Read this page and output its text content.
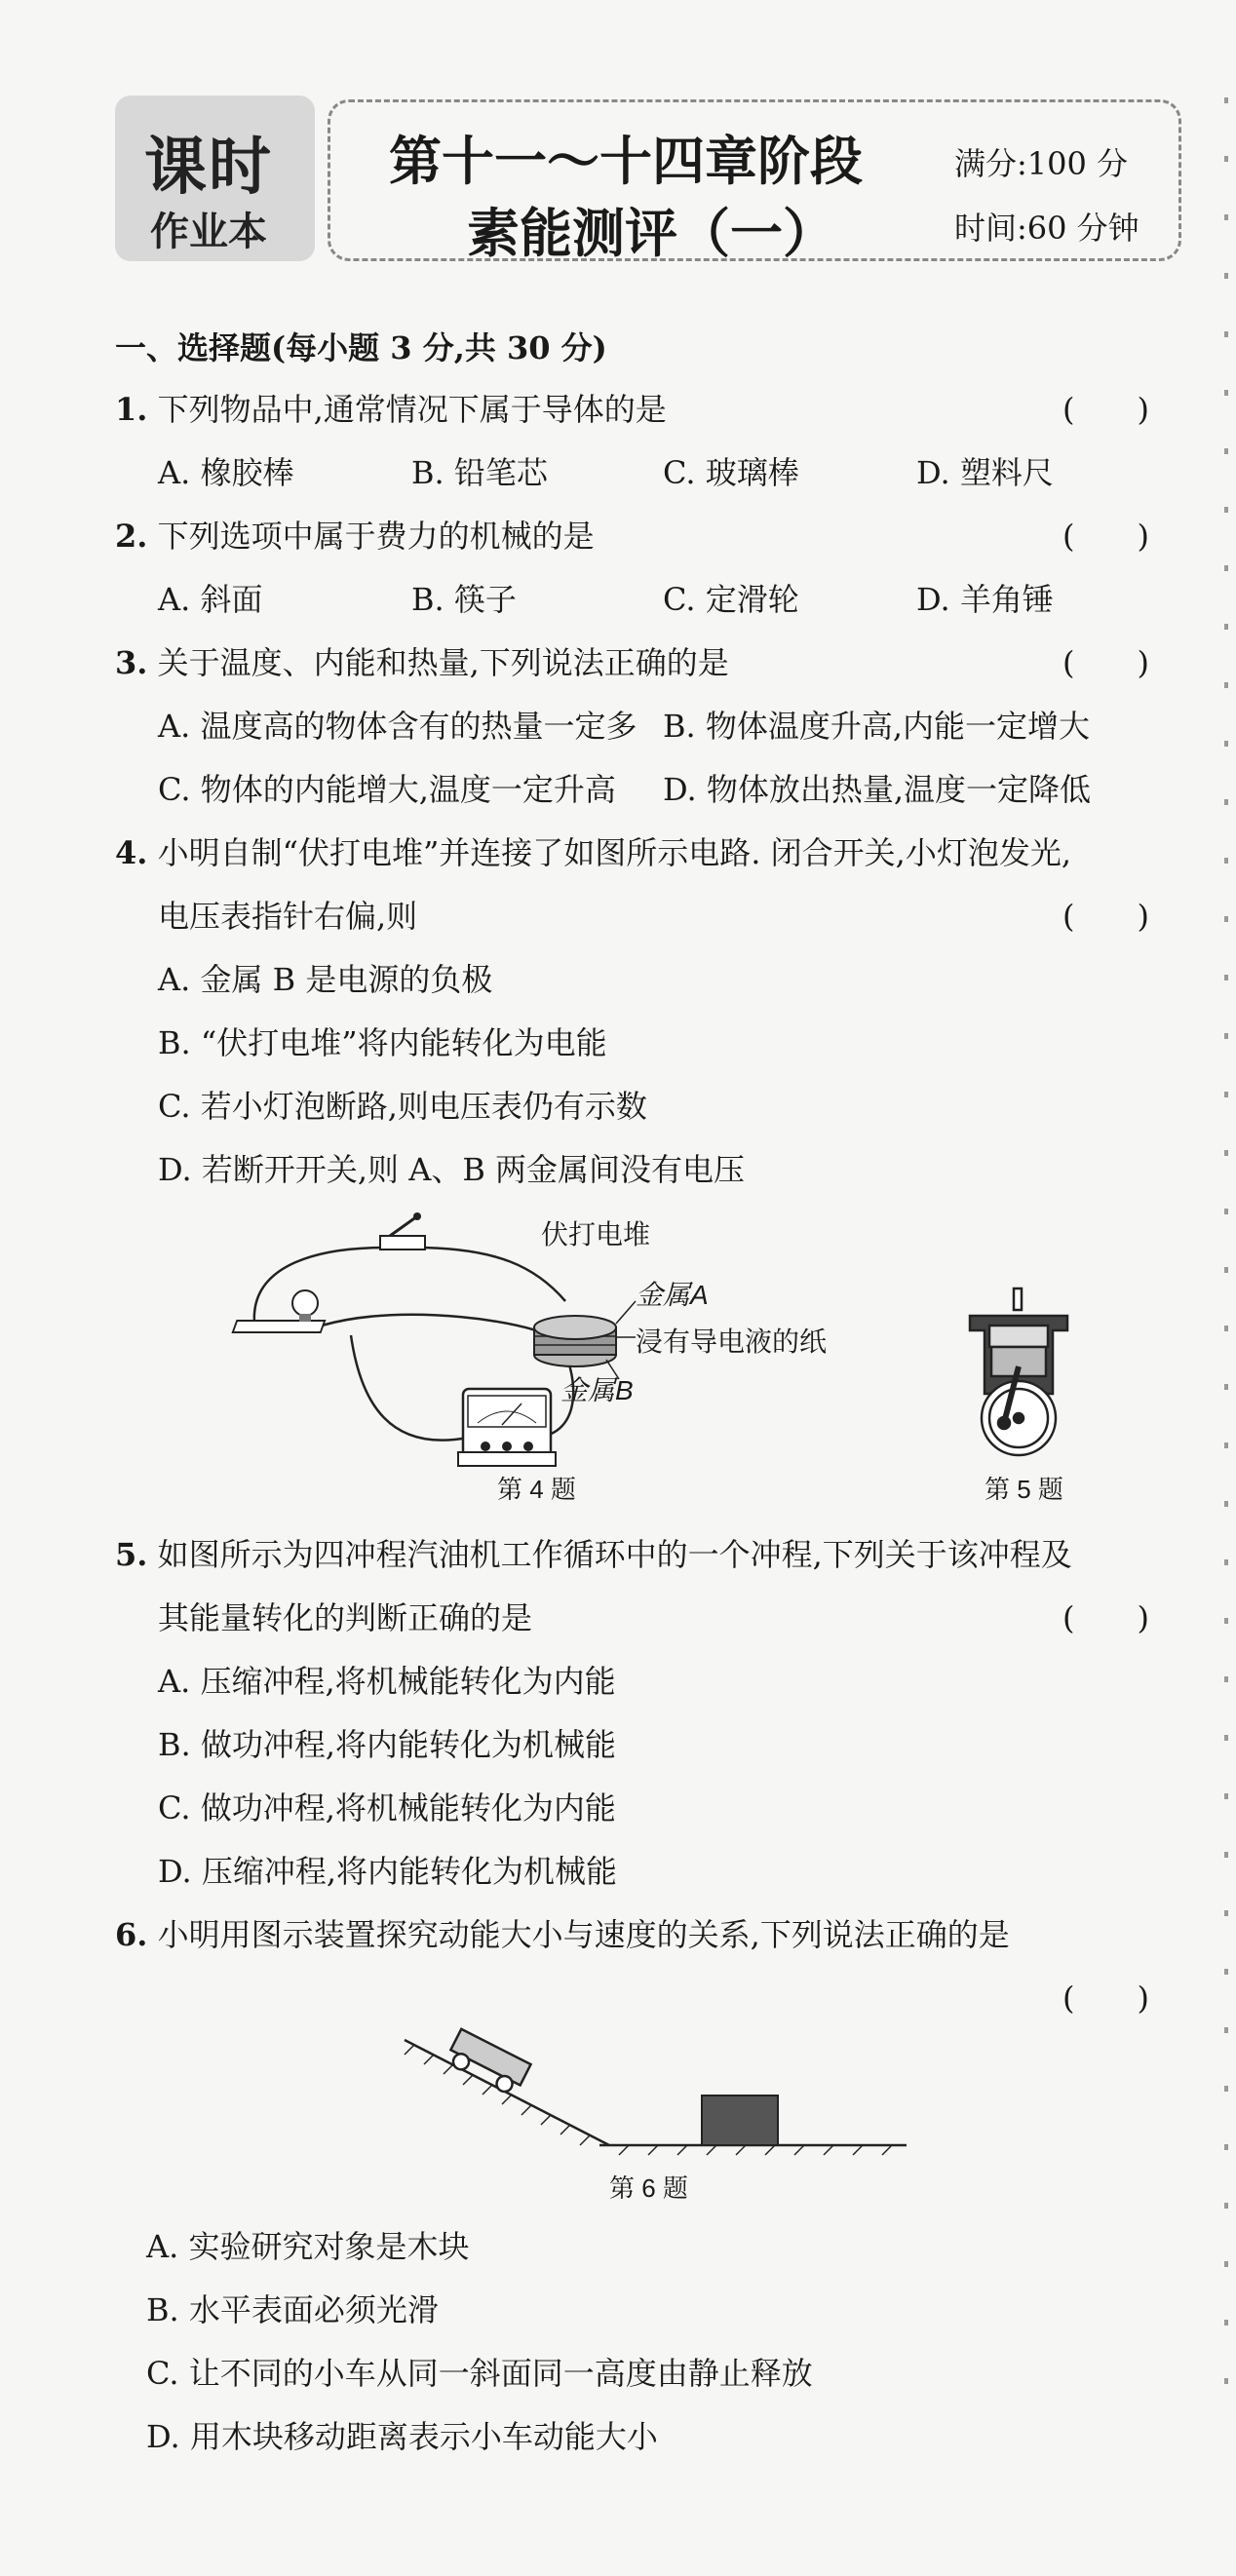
课时
作业本
第十一～十四章阶段
素能测评（一）
满分:100 分
时间:60 分钟
一、选择题(每小题 3 分,共 30 分)
1. 下列物品中,通常情况下属于导体的是	(　　)
A. 橡胶棒	B. 铅笔芯	C. 玻璃棒	D. 塑料尺
2. 下列选项中属于费力的机械的是	(　　)
A. 斜面	B. 筷子	C. 定滑轮	D. 羊角锤
3. 关于温度、内能和热量,下列说法正确的是	(　　)
A. 温度高的物体含有的热量一定多 B. 物体温度升高,内能一定增大
C. 物体的内能增大,温度一定升高 D. 物体放出热量,温度一定降低
4. 小明自制“伏打电堆”并连接了如图所示电路. 闭合开关,小灯泡发光,
电压表指针右偏,则	(　　)
A. 金属 B 是电源的负极
B. “伏打电堆”将内能转化为电能
C. 若小灯泡断路,则电压表仍有示数
D. 若断开开关,则 A、B 两金属间没有电压
伏打电堆
金属A
浸有导电液的纸
金属B
第 4 题	第 5 题
5. 如图所示为四冲程汽油机工作循环中的一个冲程,下列关于该冲程及
其能量转化的判断正确的是	(　　)
A. 压缩冲程,将机械能转化为内能
B. 做功冲程,将内能转化为机械能
C. 做功冲程,将机械能转化为内能
D. 压缩冲程,将内能转化为机械能
6. 小明用图示装置探究动能大小与速度的关系,下列说法正确的是
(　　)
第 6 题
A. 实验研究对象是木块
B. 水平表面必须光滑
C. 让不同的小车从同一斜面同一高度由静止释放
D. 用木块移动距离表示小车动能大小
